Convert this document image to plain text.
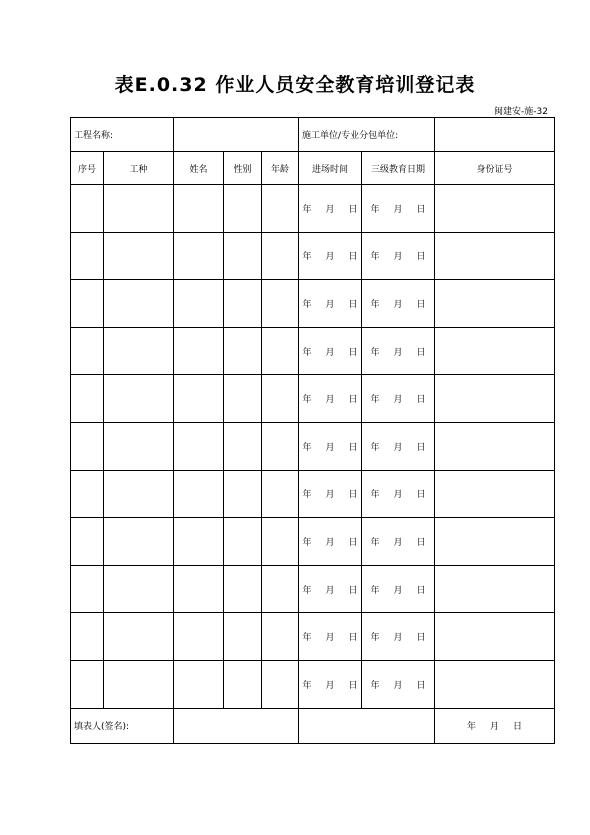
表E.0.32 作业人员安全教育培训登记表
闽建安-施-32
工程名称:					施工单位/专业分包单位:		
序号	工种	姓名	性别	年龄	进场时间	三级教育日期	身份证号
					年 月 日	年 月 日	
					年 月 日	年 月 日	
					年 月 日	年 月 日	
					年 月 日	年 月 日	
					年 月 日	年 月 日	
					年 月 日	年 月 日	
					年 月 日	年 月 日	
					年 月 日	年 月 日	
					年 月 日	年 月 日	
					年 月 日	年 月 日	
					年 月 日	年 月 日	
填表人(签名):							年 月 日
